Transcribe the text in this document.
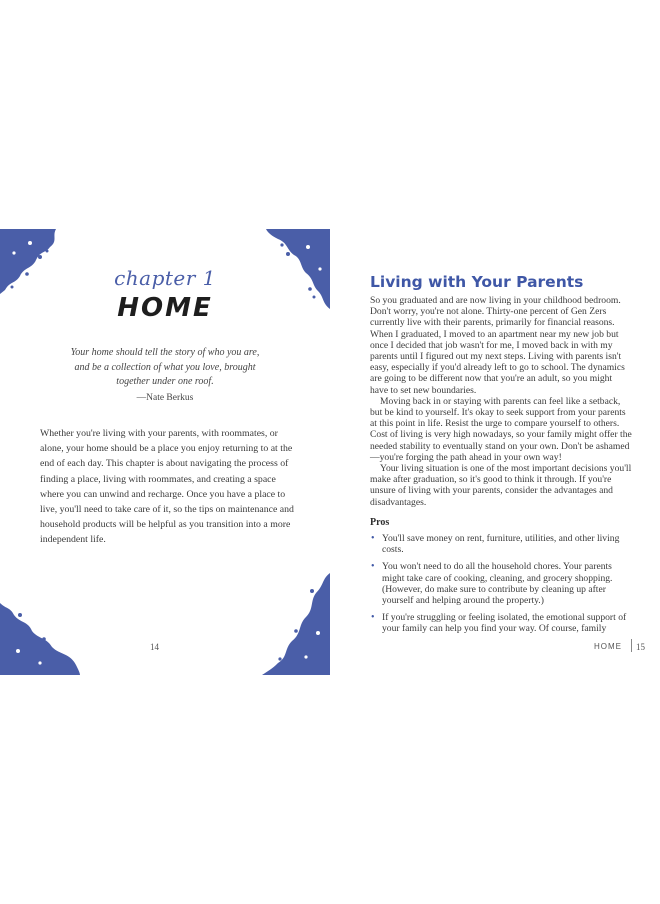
chapter 1
HOME
Your home should tell the story of who you are, and be a collection of what you love, brought together under one roof.
—Nate Berkus

Whether you're living with your parents, with roommates, or alone, your home should be a place you enjoy returning to at the end of each day. This chapter is about navigating the process of finding a place, living with roommates, and creating a space where you can unwind and recharge. Once you have a place to live, you'll need to take care of it, so the tips on maintenance and household products will be helpful as you transition into a more independent life.

14
Living with Your Parents

So you graduated and are now living in your childhood bedroom. Don't worry, you're not alone. Thirty-one percent of Gen Zers currently live with their parents, primarily for financial reasons. When I graduated, I moved to an apartment near my new job but once I decided that job wasn't for me, I moved back in with my parents until I figured out my next steps. Living with parents isn't easy, especially if you'd already left to go to school. The dynamics are going to be different now that you're an adult, so you might have to set new boundaries.

Moving back in or staying with parents can feel like a setback, but be kind to yourself. It's okay to seek support from your parents at this point in life. Resist the urge to compare yourself to others. Cost of living is very high nowadays, so your family might offer the needed stability to eventually stand on your own. Don't be ashamed—you're forging the path ahead in your own way!

Your living situation is one of the most important decisions you'll make after graduation, so it's good to think it through. If you're unsure of living with your parents, consider the advantages and disadvantages.

Pros
• You'll save money on rent, furniture, utilities, and other living costs.
• You won't need to do all the household chores. Your parents might take care of cooking, cleaning, and grocery shopping. (However, do make sure to contribute by cleaning up after yourself and helping around the property.)
• If you're struggling or feeling isolated, the emotional support of your family can help you find your way. Of course, family
HOME 15
